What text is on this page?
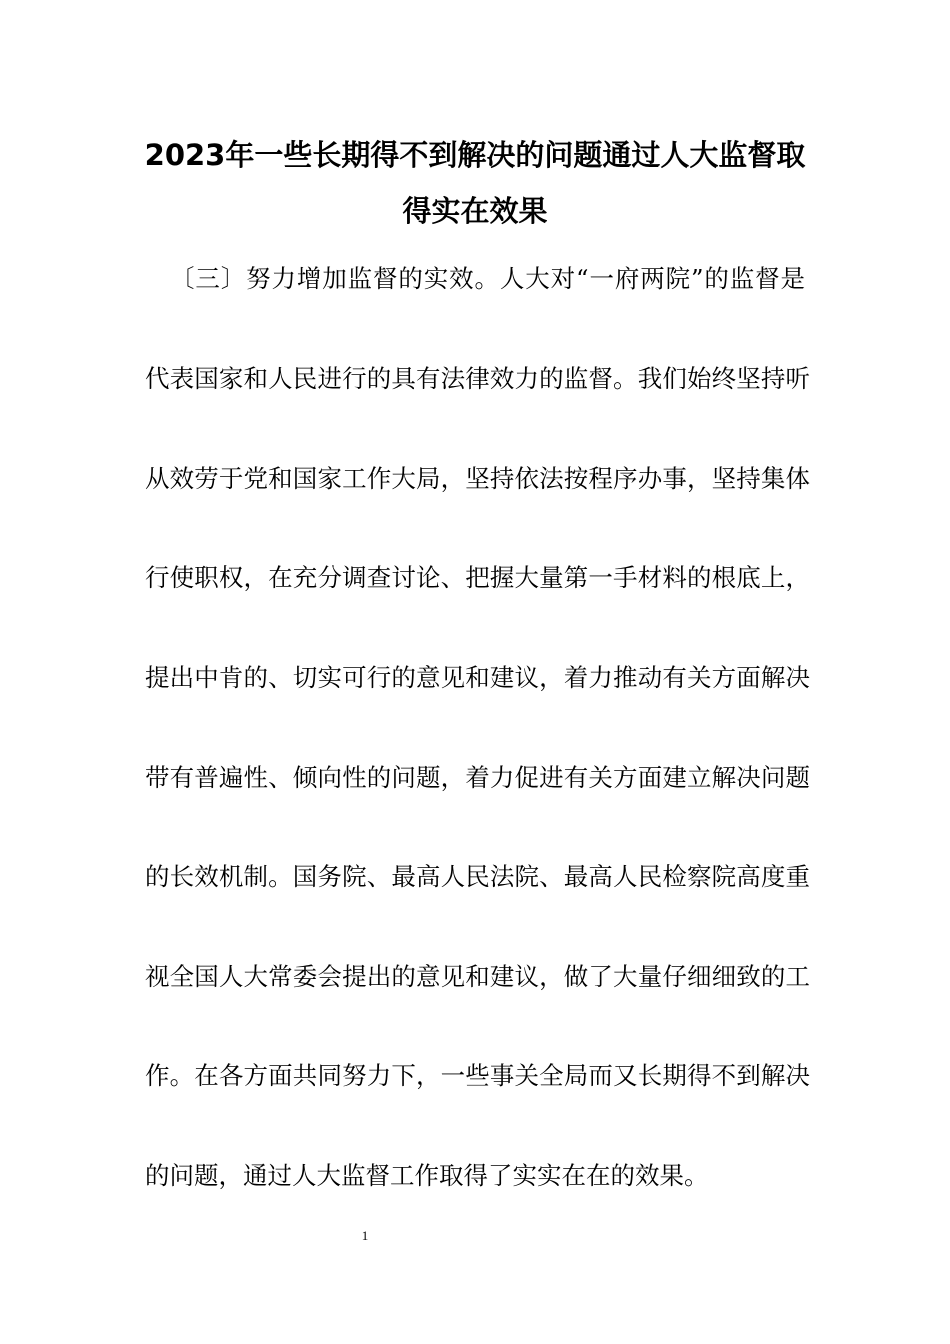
2023年一些长期得不到解决的问题通过人大监督取
得实在效果
〔三〕努力增加监督的实效。人大对“一府两院”的监督是
代表国家和人民进行的具有法律效力的监督。我们始终坚持听
从效劳于党和国家工作大局，坚持依法按程序办事，坚持集体
行使职权，在充分调查讨论、把握大量第一手材料的根底上，
提出中肯的、切实可行的意见和建议，着力推动有关方面解决
带有普遍性、倾向性的问题，着力促进有关方面建立解决问题
的长效机制。国务院、最高人民法院、最高人民检察院高度重
视全国人大常委会提出的意见和建议，做了大量仔细细致的工
作。在各方面共同努力下，一些事关全局而又长期得不到解决
的问题，通过人大监督工作取得了实实在在的效果。
1
